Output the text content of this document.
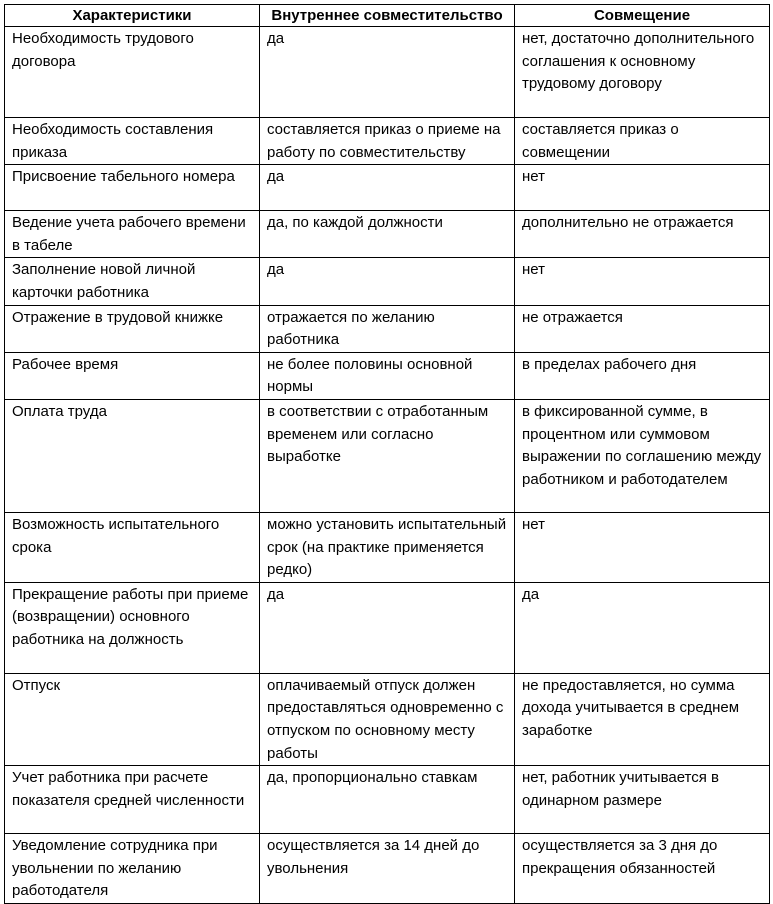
Характеристики	Внутреннее совместительство	Совмещение
Необходимость трудового договора	да	нет, достаточно дополнительного соглашения к основному трудовому договору
Необходимость составления приказа	составляется приказ о приеме на работу по совместительству	составляется приказ о совмещении
Присвоение табельного номера	да	нет
Ведение учета рабочего времени в табеле	да, по каждой должности	дополнительно не отражается
Заполнение новой личной карточки работника	да	нет
Отражение в трудовой книжке	отражается по желанию работника	не отражается
Рабочее время	не более половины основной нормы	в пределах рабочего дня
Оплата труда	в соответствии с отработанным временем или согласно выработке	в фиксированной сумме, в процентном или суммовом выражении по соглашению между работником и работодателем
Возможность испытательного срока	можно установить испытательный срок (на практике применяется редко)	нет
Прекращение работы при приеме (возвращении) основного работника на должность	да	да
Отпуск	оплачиваемый отпуск должен предоставляться одновременно с отпуском по основному месту работы	не предоставляется, но сумма дохода учитывается в среднем заработке
Учет работника при расчете показателя средней численности	да, пропорционально ставкам	нет, работник учитывается в одинарном размере
Уведомление сотрудника при увольнении по желанию работодателя	осуществляется за 14 дней до увольнения	осуществляется за 3 дня до прекращения обязанностей
